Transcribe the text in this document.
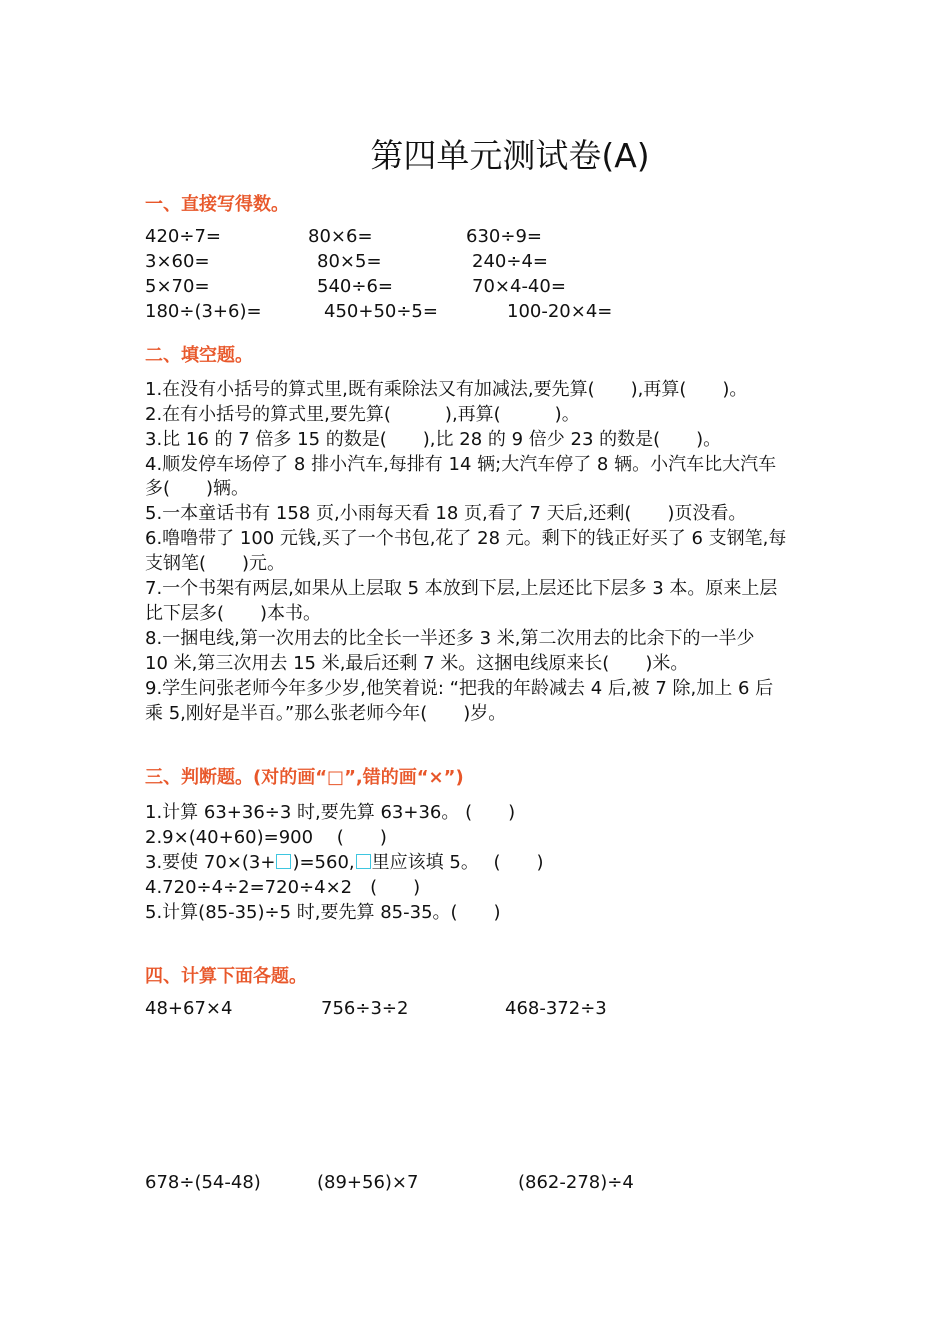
第四单元测试卷(A)
一、直接写得数。
420÷7=	80×6=	630÷9=
3×60=	80×5=	240÷4=
5×70=	540÷6=	70×4-40=
180÷(3+6)=	450+50÷5=	100-20×4=
二、填空题。
1.在没有小括号的算式里,既有乘除法又有加减法,要先算(　　),再算(　　)。
2.在有小括号的算式里,要先算(　　　),再算(　　　)。
3.比 16 的 7 倍多 15 的数是(　　),比 28 的 9 倍少 23 的数是(　　)。
4.顺发停车场停了 8 排小汽车,每排有 14 辆;大汽车停了 8 辆。小汽车比大汽车
多(　　)辆。
5.一本童话书有 158 页,小雨每天看 18 页,看了 7 天后,还剩(　　)页没看。
6.噜噜带了 100 元钱,买了一个书包,花了 28 元。剩下的钱正好买了 6 支钢笔,每
支钢笔(　　)元。
7.一个书架有两层,如果从上层取 5 本放到下层,上层还比下层多 3 本。原来上层
比下层多(　　)本书。
8.一捆电线,第一次用去的比全长一半还多 3 米,第二次用去的比余下的一半少
10 米,第三次用去 15 米,最后还剩 7 米。这捆电线原来长(　　)米。
9.学生问张老师今年多少岁,他笑着说: “把我的年龄减去 4 后,被 7 除,加上 6 后
乘 5,刚好是半百。”那么张老师今年(　　)岁。
三、判断题。(对的画“□”,错的画“×”)
1.计算 63+36÷3 时,要先算 63+36。 (　　)
2.9×(40+60)=900　 (　　)
3.要使 70×(3+ )=560, 里应该填 5。　 (　　)
4.720÷4÷2=720÷4×2　(　　)
5.计算(85-35)÷5 时,要先算 85-35。(　　)
四、计算下面各题。
48+67×4	756÷3÷2	468-372÷3
678÷(54-48)	(89+56)×7	(862-278)÷4
